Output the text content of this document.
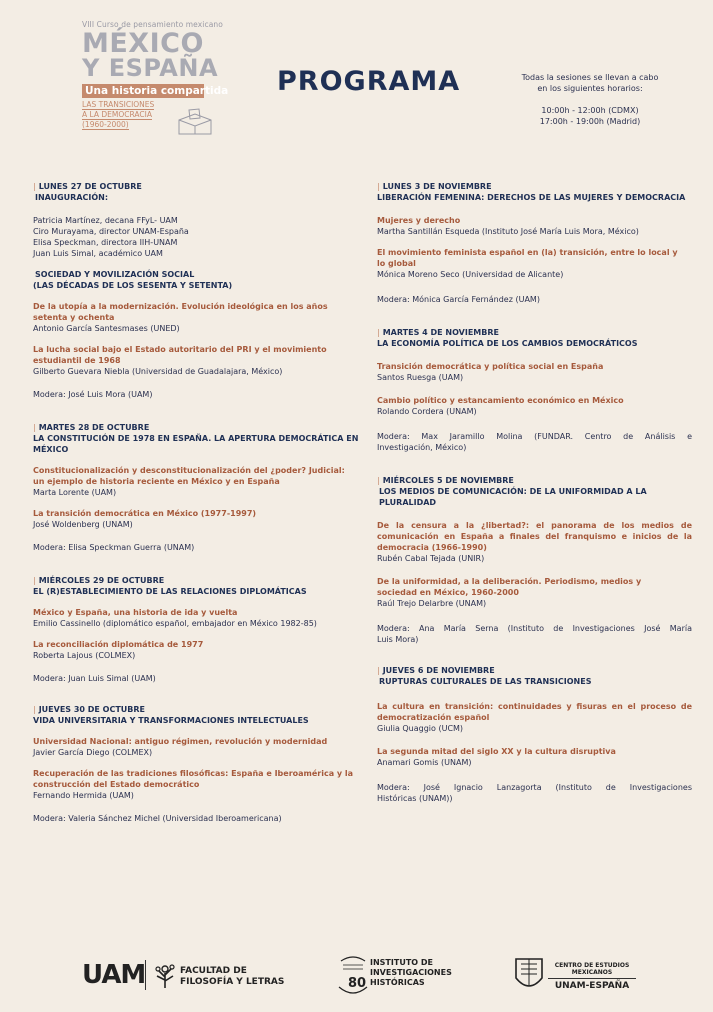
VIII Curso de pensamiento mexicano
MÉXICO
Y ESPAÑA
Una historia compartida
LAS TRANSICIONES
A LA DEMOCRACIA
(1960-2000)
PROGRAMA	Todas la sesiones se llevan a cabo
en los siguientes horarios:
10:00h - 12:00h (CDMX)
17:00h - 19:00h (Madrid)
| LUNES 27 DE OCTUBRE
INAUGURACIÓN:
Patricia Martínez, decana FFyL- UAM
Ciro Murayama, director UNAM-España
Elisa Speckman, directora IIH-UNAM
Juan Luis Simal, académico UAM
SOCIEDAD Y MOVILIZACIÓN SOCIAL
(LAS DÉCADAS DE LOS SESENTA Y SETENTA)
De la utopía a la modernización. Evolución ideológica en los años
setenta y ochenta
Antonio García Santesmases (UNED)
La lucha social bajo el Estado autoritario del PRI y el movimiento
estudiantil de 1968
Gilberto Guevara Niebla (Universidad de Guadalajara, México)
Modera: José Luis Mora (UAM)
| MARTES 28 DE OCTUBRE
LA CONSTITUCIÓN DE 1978 EN ESPAÑA. LA APERTURA DEMOCRÁTICA EN
MÉXICO
Constitucionalización y desconstitucionalización del ¿poder? Judicial:
un ejemplo de historia reciente en México y en España
Marta Lorente (UAM)
La transición democrática en México (1977-1997)
José Woldenberg (UNAM)
Modera: Elisa Speckman Guerra (UNAM)
| MIÉRCOLES 29 DE OCTUBRE
EL (R)ESTABLECIMIENTO DE LAS RELACIONES DIPLOMÁTICAS
México y España, una historia de ida y vuelta
Emilio Cassinello (diplomático español, embajador en México 1982-85)
La reconciliación diplomática de 1977
Roberta Lajous (COLMEX)
Modera: Juan Luis Simal (UAM)
| JUEVES 30 DE OCTUBRE
VIDA UNIVERSITARIA Y TRANSFORMACIONES INTELECTUALES
Universidad Nacional: antiguo régimen, revolución y modernidad
Javier García Diego (COLMEX)
Recuperación de las tradiciones filosóficas: España e Iberoamérica y la
construcción del Estado democrático
Fernando Hermida (UAM)
Modera: Valeria Sánchez Michel (Universidad Iberoamericana)
| LUNES 3 DE NOVIEMBRE
LIBERACIÓN FEMENINA: DERECHOS DE LAS MUJERES Y DEMOCRACIA
Mujeres y derecho
Martha Santillán Esqueda (Instituto José María Luis Mora, México)
El movimiento feminista español en (la) transición, entre lo local y
lo global
Mónica Moreno Seco (Universidad de Alicante)
Modera: Mónica García Fernández (UAM)
| MARTES 4 DE NOVIEMBRE
LA ECONOMÍA POLÍTICA DE LOS CAMBIOS DEMOCRÁTICOS
Transición democrática y política social en España
Santos Ruesga (UAM)
Cambio político y estancamiento económico en México
Rolando Cordera (UNAM)
Modera: Max Jaramillo Molina (FUNDAR. Centro de Análisis e
Investigación, México)
| MIÉRCOLES 5 DE NOVIEMBRE
LOS MEDIOS DE COMUNICACIÓN: DE LA UNIFORMIDAD A LA PLURALIDAD
De la censura a la ¿libertad?: el panorama de los medios de
comunicación en España a finales del franquismo e inicios de la
democracia (1966-1990)
Rubén Cabal Tejada (UNIR)
De la uniformidad, a la deliberación. Periodismo, medios y
sociedad en México, 1960-2000
Raúl Trejo Delarbre (UNAM)
Modera: Ana María Serna (Instituto de Investigaciones José María
Luis Mora)
| JUEVES 6 DE NOVIEMBRE
RUPTURAS CULTURALES DE LAS TRANSICIONES
La cultura en transición: continuidades y fisuras en el proceso de
democratización español
Giulia Quaggio (UCM)
La segunda mitad del siglo XX y la cultura disruptiva
Anamari Gomis (UNAM)
Modera: José Ignacio Lanzagorta (Instituto de Investigaciones
Históricas (UNAM))
UAM	FACULTAD DE
FILOSOFÍA Y LETRAS	80
INSTITUTO DE
INVESTIGACIONES
HISTÓRICAS
CENTRO DE ESTUDIOS
MEXICANOS
UNAM-ESPAÑA
